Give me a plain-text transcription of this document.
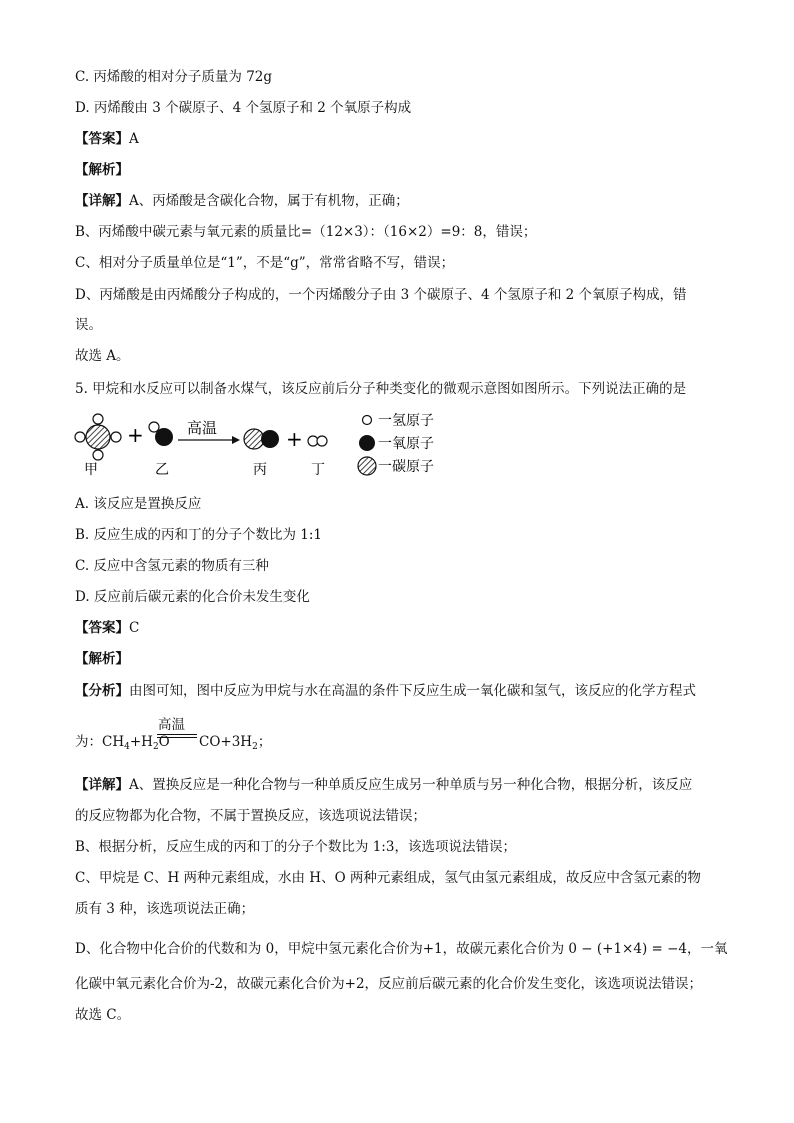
C. 丙烯酸的相对分子质量为 72g
D. 丙烯酸由 3 个碳原子、4 个氢原子和 2 个氧原子构成
【答案】A
【解析】
【详解】A、丙烯酸是含碳化合物，属于有机物，正确；
B、丙烯酸中碳元素与氧元素的质量比=（12×3）：（16×2）=9：8，错误；
C、相对分子质量单位是“1”，不是“g”，常常省略不写，错误；
D、丙烯酸是由丙烯酸分子构成的，一个丙烯酸分子由 3 个碳原子、4 个氢原子和 2 个氧原子构成，错
误。
故选 A。
5. 甲烷和水反应可以制备水煤气，该反应前后分子种类变化的微观示意图如图所示。下列说法正确的是
+	高温	+
甲	乙	丙	丁
一氢原子
一氧原子
一碳原子
A. 该反应是置换反应
B. 反应生成的丙和丁的分子个数比为 1:1
C. 反应中含氢元素的物质有三种
D. 反应前后碳元素的化合价未发生变化
【答案】C
【解析】
【分析】由图可知，图中反应为甲烷与水在高温的条件下反应生成一氧化碳和氢气，该反应的化学方程式
为：$CH_4+H_2O$
高温
$CO+3H_2$；
【详解】A、置换反应是一种化合物与一种单质反应生成另一种单质与另一种化合物，根据分析，该反应
的反应物都为化合物，不属于置换反应，该选项说法错误；
B、根据分析，反应生成的丙和丁的分子个数比为 1:3，该选项说法错误；
C、甲烷是 C、H 两种元素组成，水由 H、O 两种元素组成，氢气由氢元素组成，故反应中含氢元素的物
质有 3 种，该选项说法正确；
D、化合物中化合价的代数和为 0，甲烷中氢元素化合价为+1，故碳元素化合价为 0 − (+1×4) = −4，一氧
化碳中氧元素化合价为-2，故碳元素化合价为+2，反应前后碳元素的化合价发生变化，该选项说法错误；
故选 C。
